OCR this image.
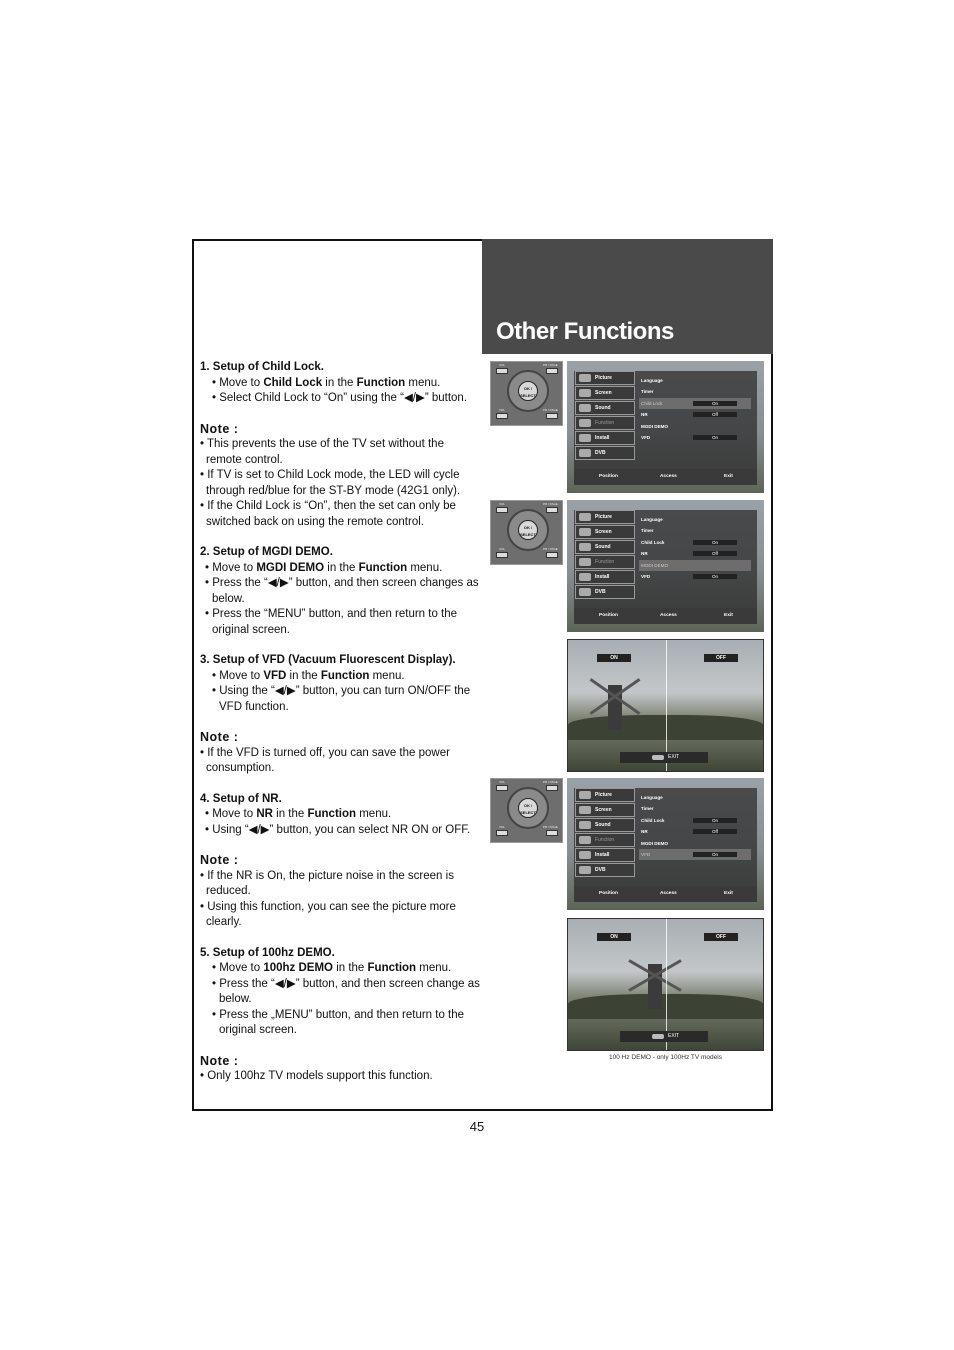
Other Functions
1. Setup of Child Lock.
• Move to Child Lock in the Function menu.
• Select Child Lock to “On” using the “◀/▶” button.
Note :
• This prevents the use of the TV set without the remote control.
• If TV is set to Child Lock mode, the LED will cycle through red/blue for the ST-BY mode (42G1 only).
• If the Child Lock is “On”, then the set can only be switched back on using the remote control.
2. Setup of MGDI DEMO.
• Move to MGDI DEMO in the Function menu.
• Press the “◀/▶” button, and then screen changes as below.
• Press the “MENU” button, and then return to the original screen.
3. Setup of VFD (Vacuum Fluorescent Display).
• Move to VFD in the Function menu.
• Using the “◀/▶” button, you can turn ON/OFF the VFD function.
Note :
• If the VFD is turned off, you can save the power consumption.
4. Setup of NR.
• Move to NR in the Function menu.
• Using “◀/▶” button, you can select NR ON or OFF.
Note :
• If the NR is On, the picture noise in the screen is reduced.
• Using this function, you can see the picture more clearly.
5. Setup of 100hz DEMO.
• Move to 100hz DEMO in the Function menu.
• Press the “◀/▶” button, and then screen change as below.
• Press the „MENU” button, and then return to the original screen.
Note :
• Only 100hz TV models support this function.
VOL	PR / PAGE
OK / SELECT
VOL	PR / PAGE
Picture
Screen
Sound
Function
Install
DVB
Language
Timer
Child Lock	On
NR	Off
MGDI DEMO
VFD	On
Position	Access	Exit
VOL	PR / PAGE
OK / SELECT
VOL	PR / PAGE
Picture
Screen
Sound
Function
Install
DVB
Language
Timer
Child Lock	On
NR	Off
MGDI DEMO
VFD	On
Position	Access	Exit
ON	OFF
EXIT
VOL	PR / PAGE
OK / SELECT
VOL	PR / PAGE
Picture
Screen
Sound
Function
Install
DVB
Language
Timer
Child Lock	On
NR	Off
MGDI DEMO
VFD	On
Position	Access	Exit
ON	OFF
EXIT
100 Hz DEMO - only 100Hz TV models
45
